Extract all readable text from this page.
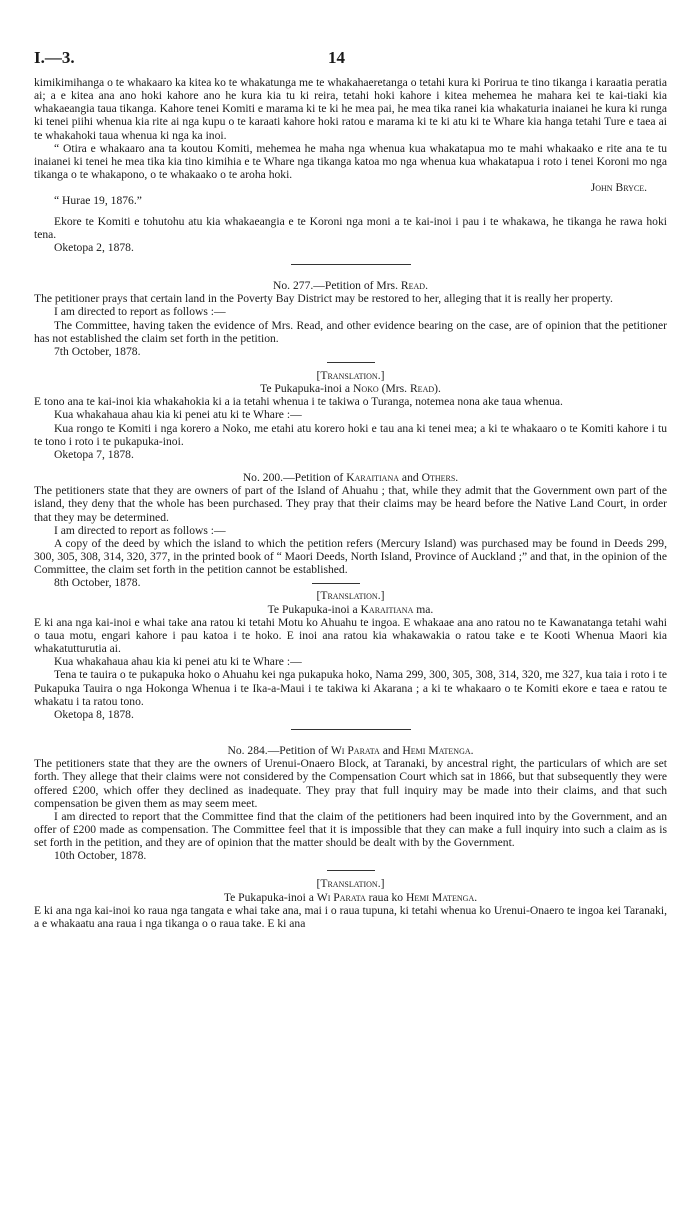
I.—3.	14

kimikimihanga o te whakaaro ka kitea ko te whakatunga me te whakahaeretanga o tetahi kura ki Porirua te tino tikanga i karaatia peratia ai; a e kitea ana ano hoki kahore ano he kura kia tu ki reira, tetahi hoki kahore i kitea mehemea he mahara kei te kai-tiaki kia whakaeangia taua tikanga. Kahore tenei Komiti e marama ki te ki he mea pai, he mea tika ranei kia whakaturia inaianei he kura ki runga ki tenei piihi whenua kia rite ai nga kupu o te karaati kahore hoki ratou e marama ki te ki atu ki te Whare kia hanga tetahi Ture e taea ai te whakahoki taua whenua ki nga ka inoi.

“ Otira e whakaaro ana ta koutou Komiti, mehemea he maha nga whenua kua whakatapua mo te mahi whakaako e rite ana te tu inaianei ki tenei he mea tika kia tino kimihia e te Whare nga tikanga katoa mo nga whenua kua whakatapua i roto i tenei Koroni mo nga tikanga o te whakapono, o te whakaako o te aroha hoki.

John Bryce.

“ Hurae 19, 1876.”

Ekore te Komiti e tohutohu atu kia whakaeangia e te Koroni nga moni a te kai-inoi i pau i te whakawa, he tikanga he rawa hoki tena.

Oketopa 2, 1878.

No. 277.—Petition of Mrs. Read.

The petitioner prays that certain land in the Poverty Bay District may be restored to her, alleging that it is really her property.

I am directed to report as follows :—

The Committee, having taken the evidence of Mrs. Read, and other evidence bearing on the case, are of opinion that the petitioner has not established the claim set forth in the petition.

7th October, 1878.

[Translation.]
Te Pukapuka-inoi a Noko (Mrs. Read).

E tono ana te kai-inoi kia whakahokia ki a ia tetahi whenua i te takiwa o Turanga, notemea nona ake taua whenua.

Kua whakahaua ahau kia ki penei atu ki te Whare :—

Kua rongo te Komiti i nga korero a Noko, me etahi atu korero hoki e tau ana ki tenei mea; a ki te whakaaro o te Komiti kahore i tu te tono i roto i te pukapuka-inoi.

Oketopa 7, 1878.

No. 200.—Petition of Karaitiana and Others.

The petitioners state that they are owners of part of the Island of Ahuahu ; that, while they admit that the Government own part of the island, they deny that the whole has been purchased. They pray that their claims may be heard before the Native Land Court, in order that they may be determined.

I am directed to report as follows :—

A copy of the deed by which the island to which the petition refers (Mercury Island) was purchased may be found in Deeds 299, 300, 305, 308, 314, 320, 377, in the printed book of “ Maori Deeds, North Island, Province of Auckland ;” and that, in the opinion of the Committee, the claim set forth in the petition cannot be established.

8th October, 1878.

[Translation.]
Te Pukapuka-inoi a Karaitiana ma.

E ki ana nga kai-inoi e whai take ana ratou ki tetahi Motu ko Ahuahu te ingoa. E whakaae ana ano ratou no te Kawanatanga tetahi wahi o taua motu, engari kahore i pau katoa i te hoko. E inoi ana ratou kia whakawakia o ratou take e te Kooti Whenua Maori kia whakatutturutia ai.

Kua whakahaua ahau kia ki penei atu ki te Whare :—

Tena te tauira o te pukapuka hoko o Ahuahu kei nga pukapuka hoko, Nama 299, 300, 305, 308, 314, 320, me 327, kua taia i roto i te Pukapuka Tauira o nga Hokonga Whenua i te Ika-a-Maui i te takiwa ki Akarana ; a ki te whakaaro o te Komiti ekore e taea e ratou te whakatu i ta ratou tono.

Oketopa 8, 1878.

No. 284.—Petition of Wi Parata and Hemi Matenga.

The petitioners state that they are the owners of Urenui-Onaero Block, at Taranaki, by ancestral right, the particulars of which are set forth. They allege that their claims were not considered by the Compensation Court which sat in 1866, but that subsequently they were offered £200, which offer they declined as inadequate. They pray that full inquiry may be made into their claims, and that such compensation be given them as may seem meet.

I am directed to report that the Committee find that the claim of the petitioners had been inquired into by the Government, and an offer of £200 made as compensation. The Committee feel that it is impossible that they can make a full inquiry into such a claim as is set forth in the petition, and they are of opinion that the matter should be dealt with by the Government.

10th October, 1878.

[Translation.]
Te Pukapuka-inoi a Wi Parata raua ko Hemi Matenga.

E ki ana nga kai-inoi ko raua nga tangata e whai take ana, mai i o raua tupuna, ki tetahi whenua ko Urenui-Onaero te ingoa kei Taranaki, a e whakaatu ana raua i nga tikanga o o raua take. E ki ana
